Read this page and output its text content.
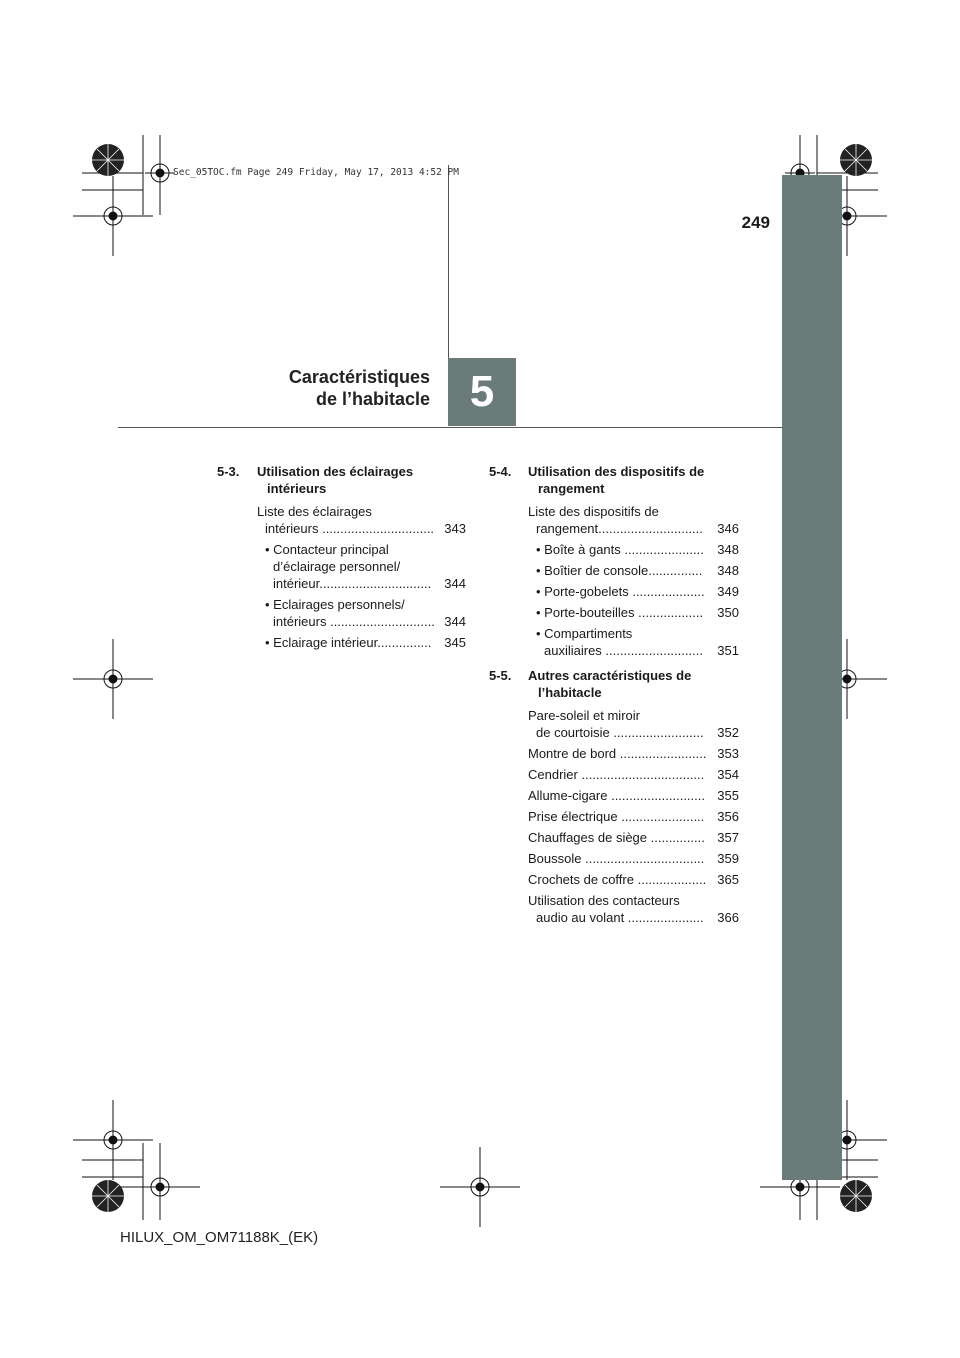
Sec_05TOC.fm Page 249 Friday, May 17, 2013 4:52 PM
249
Caractéristiques
de l’habitacle 5
5-3.	Utilisation des éclairages
intérieurs
Liste des éclairages
intérieurs ............................... 343
• Contacteur principal
d’éclairage personnel/
intérieur...............................	344
• Eclairages personnels/
intérieurs ............................. 344
• Eclairage intérieur............... 345
5-4.	Utilisation des dispositifs de
rangement
Liste des dispositifs de
rangement.............................	346
• Boîte à gants ......................	348
• Boîtier de console...............	348
• Porte-gobelets .................... 349
• Porte-bouteilles ..................	350
• Compartiments
auxiliaires ...........................	351
5-5.	Autres caractéristiques de
l’habitacle
Pare-soleil et miroir
de courtoisie .........................	352
Montre de bord ........................ 353
Cendrier ..................................	354
Allume-cigare .......................... 355
Prise électrique .......................	356
Chauffages de siège ............... 357
Boussole .................................	359
Crochets de coffre ................... 365
Utilisation des contacteurs
audio au volant .....................	366
HILUX_OM_OM71188K_(EK)
